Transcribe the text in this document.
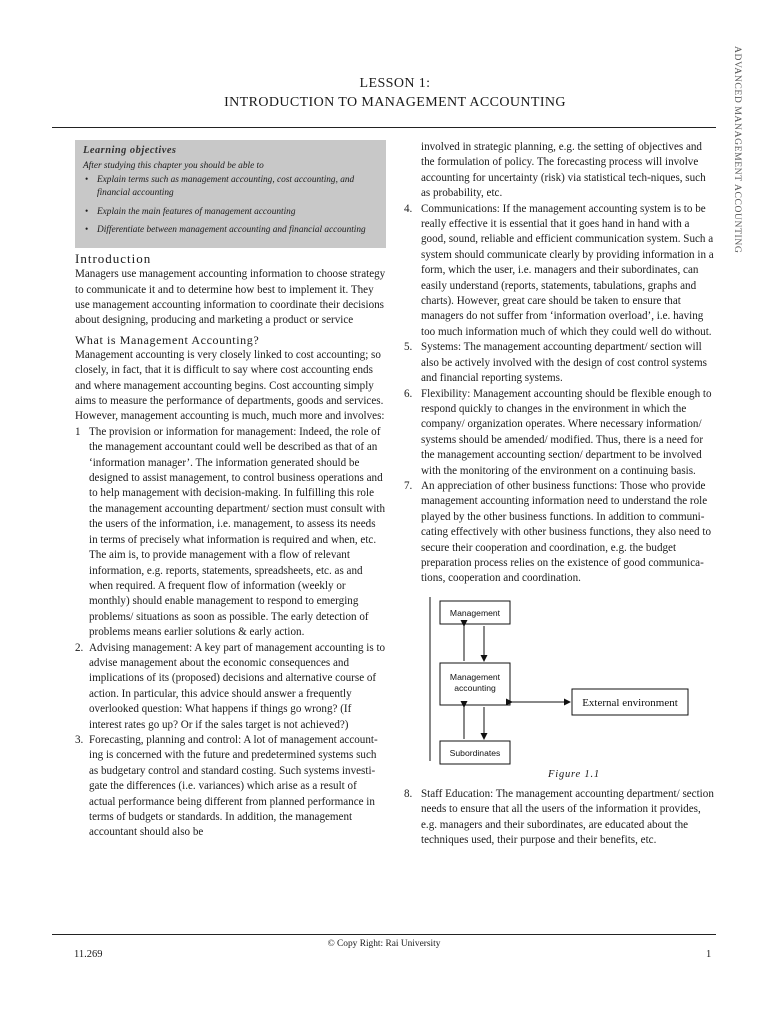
ADVANCED MANAGEMENT ACCOUNTING
LESSON 1:
INTRODUCTION TO MANAGEMENT ACCOUNTING
Learning objectives
After studying this chapter you should be able to
• Explain terms such as management accounting, cost accounting, and financial accounting
• Explain the main features of management accounting
• Differentiate between management accounting and financial accounting
Introduction
Managers use management accounting information to choose strategy to communicate it and to determine how best to implement it. They use management accounting information to coordinate their decisions about designing, producing and marketing a product or service
What is Management Accounting?
Management accounting is very closely linked to cost accounting; so closely, in fact, that it is difficult to say where cost accounting ends and where management accounting begins. Cost accounting simply aims to measure the performance of departments, goods and services. However, management accounting is much, much more and involves:
1 The provision or information for management: Indeed, the role of the management accountant could well be described as that of an ‘information manager’. The information generated should be designed to assist management, to control business operations and to help management with decision-making. In fulfilling this role the management accounting department/ section must consult with the users of the information, i.e. management, to assess its needs in terms of precisely what information is required and when, etc. The aim is, to provide management with a flow of relevant information, e.g. reports, statements, spreadsheets, etc. as and when required. A frequent flow of information (weekly or monthly) should enable management to respond to emerging problems/ situations as soon as possible. The early detection of problems means earlier solutions & early action.
2. Advising management: A key part of management accounting is to advise management about the economic consequences and implications of its (proposed) decisions and alternative course of action. In particular, this advice should answer a frequently overlooked question: What happens if things go wrong? (If interest rates go up? Or if the sales target is not achieved?)
3. Forecasting, planning and control: A lot of management account-ing is concerned with the future and predetermined systems such as budgetary control and standard costing. Such systems investi-gate the differences (i.e. variances) which arise as a result of actual performance being different from planned performance in terms of budgets or standards. In addition, the management accountant should also be
involved in strategic planning, e.g. the setting of objectives and the formulation of policy. The forecasting process will involve accounting for uncertainty (risk) via statistical tech-niques, such as probability, etc.
4. Communications: If the management accounting system is to be really effective it is essential that it goes hand in hand with a good, sound, reliable and efficient communication system. Such a system should communicate clearly by providing information in a form, which the user, i.e. managers and their subordinates, can easily understand (reports, statements, tabulations, graphs and charts). However, great care should be taken to ensure that managers do not suffer from ‘information overload’, i.e. having too much information much of which they could well do without.
5. Systems: The management accounting department/ section will also be actively involved with the design of cost control systems and financial reporting systems.
6. Flexibility: Management accounting should be flexible enough to respond quickly to changes in the environment in which the company/ organization operates. Where necessary information/ systems should be amended/ modified. Thus, there is a need for the management accounting section/ department to be involved with the monitoring of the environment on a continuing basis.
7. An appreciation of other business functions: Those who provide management accounting information need to understand the role played by the other business functions. In addition to communi-cating effectively with other business functions, they also need to secure their cooperation and coordination, e.g. the budget preparation process relies on the existence of good communica-tions, cooperation and coordination.
Management
Management
accounting
Subordinates
External environment
Figure 1.1
8. Staff Education: The management accounting department/ section needs to ensure that all the users of the information it provides, e.g. managers and their subordinates, are educated about the techniques used, their purpose and their benefits, etc.
© Copy Right: Rai University
11.269	1
